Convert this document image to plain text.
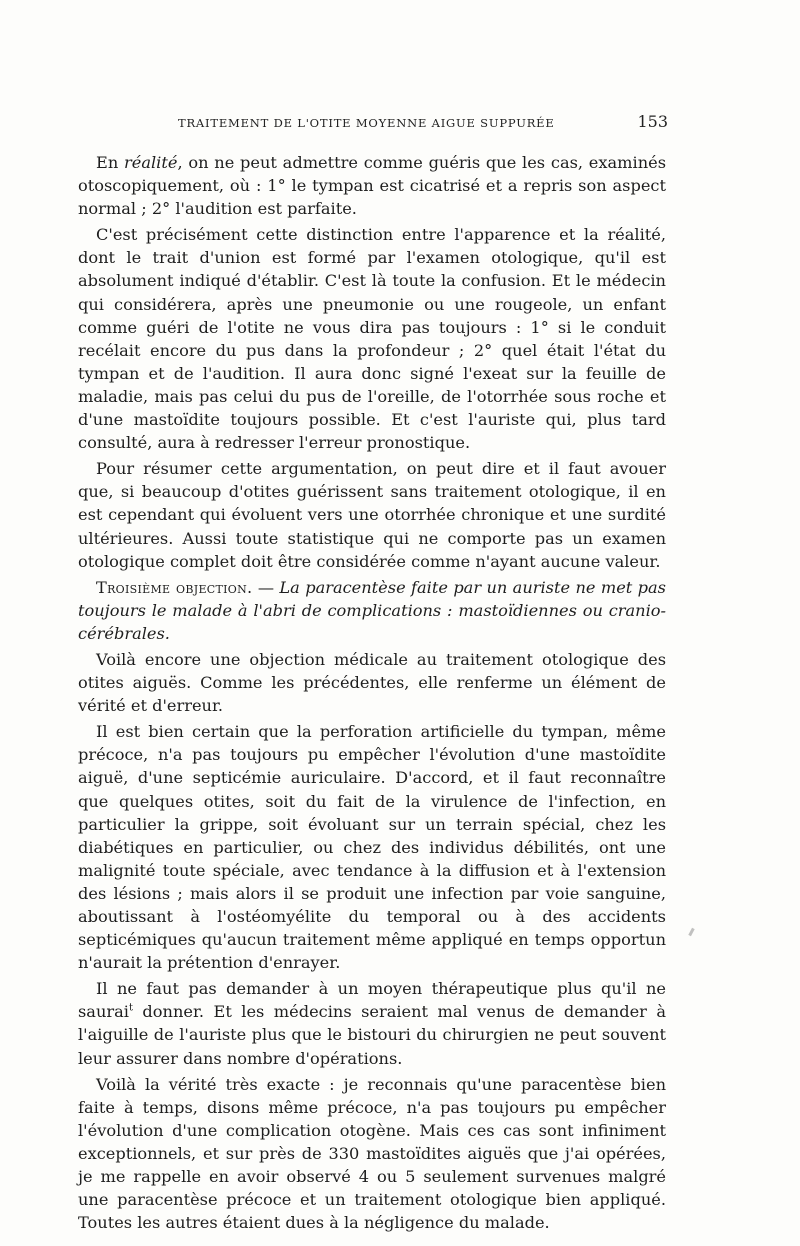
TRAITEMENT DE L'OTITE MOYENNE AIGUE SUPPURÉE	153

En réalité, on ne peut admettre comme guéris que les cas, examinés otoscopiquement, où : 1° le tympan est cicatrisé et a repris son aspect normal ; 2° l'audition est parfaite.

C'est précisément cette distinction entre l'apparence et la réalité, dont le trait d'union est formé par l'examen otologique, qu'il est absolument indiqué d'établir. C'est là toute la confusion. Et le médecin qui considérera, après une pneumonie ou une rougeole, un enfant comme guéri de l'otite ne vous dira pas toujours : 1° si le conduit recélait encore du pus dans la profondeur ; 2° quel était l'état du tympan et de l'audition. Il aura donc signé l'exeat sur la feuille de maladie, mais pas celui du pus de l'oreille, de l'otorrhée sous roche et d'une mastoïdite toujours possible. Et c'est l'auriste qui, plus tard consulté, aura à redresser l'erreur pronostique.

Pour résumer cette argumentation, on peut dire et il faut avouer que, si beaucoup d'otites guérissent sans traitement otologique, il en est cependant qui évoluent vers une otorrhée chronique et une surdité ultérieures. Aussi toute statistique qui ne comporte pas un examen otologique complet doit être considérée comme n'ayant aucune valeur.

Troisième objection. — La paracentèse faite par un auriste ne met pas toujours le malade à l'abri de complications : mastoïdiennes ou cranio-cérébrales.

Voilà encore une objection médicale au traitement otologique des otites aiguës. Comme les précédentes, elle renferme un élément de vérité et d'erreur.

Il est bien certain que la perforation artificielle du tympan, même précoce, n'a pas toujours pu empêcher l'évolution d'une mastoïdite aiguë, d'une septicémie auriculaire. D'accord, et il faut reconnaître que quelques otites, soit du fait de la virulence de l'infection, en particulier la grippe, soit évoluant sur un terrain spécial, chez les diabétiques en particulier, ou chez des individus débilités, ont une malignité toute spéciale, avec tendance à la diffusion et à l'extension des lésions ; mais alors il se produit une infection par voie sanguine, aboutissant à l'ostéomyélite du temporal ou à des accidents septicémiques qu'aucun traitement même appliqué en temps opportun n'aurait la prétention d'enrayer.

Il ne faut pas demander à un moyen thérapeutique plus qu'il ne saurai$^t$ donner. Et les médecins seraient mal venus de demander à l'aiguille de l'auriste plus que le bistouri du chirurgien ne peut souvent leur assurer dans nombre d'opérations.

Voilà la vérité très exacte : je reconnais qu'une paracentèse bien faite à temps, disons même précoce, n'a pas toujours pu empêcher l'évolution d'une complication otogène. Mais ces cas sont infiniment exceptionnels, et sur près de 330 mastoïdites aiguës que j'ai opérées, je me rappelle en avoir observé 4 ou 5 seulement survenues malgré une paracentèse précoce et un traitement otologique bien appliqué. Toutes les autres étaient dues à la négligence du malade.
